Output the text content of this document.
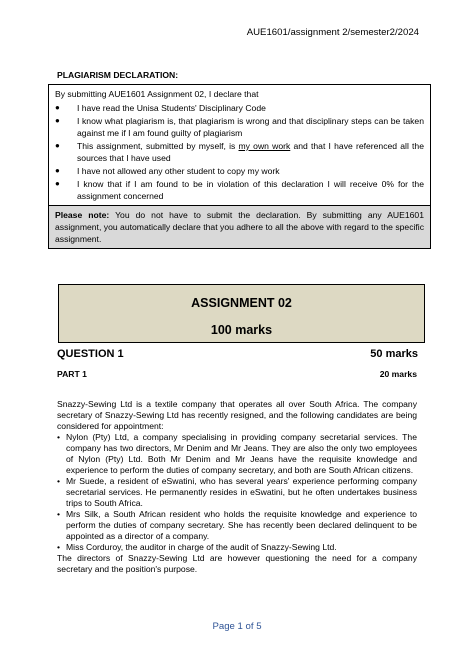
AUE1601/assignment 2/semester2/2024
PLAGIARISM DECLARATION:
By submitting AUE1601 Assignment 02, I declare that
●	I have read the Unisa Students' Disciplinary Code
●	I know what plagiarism is, that plagiarism is wrong and that disciplinary steps can be taken against me if I am found guilty of plagiarism
●	This assignment, submitted by myself, is my own work and that I have referenced all the sources that I have used
●	I have not allowed any other student to copy my work
●	I know that if I am found to be in violation of this declaration I will receive 0% for the assignment concerned
Please note: You do not have to submit the declaration. By submitting any AUE1601 assignment, you automatically declare that you adhere to all the above with regard to the specific assignment.
ASSIGNMENT 02
100 marks
QUESTION 1	50 marks
PART 1	20 marks

Snazzy-Sewing Ltd is a textile company that operates all over South Africa. The company secretary of Snazzy-Sewing Ltd has recently resigned, and the following candidates are being considered for appointment:

• Nylon (Pty) Ltd, a company specialising in providing company secretarial services. The company has two directors, Mr Denim and Mr Jeans. They are also the only two employees of Nylon (Pty) Ltd. Both Mr Denim and Mr Jeans have the requisite knowledge and experience to perform the duties of company secretary, and both are South African citizens.
• Mr Suede, a resident of eSwatini, who has several years' experience performing company secretarial services. He permanently resides in eSwatini, but he often undertakes business trips to South Africa.
• Mrs Silk, a South African resident who holds the requisite knowledge and experience to perform the duties of company secretary. She has recently been declared delinquent to be appointed as a director of a company.
• Miss Corduroy, the auditor in charge of the audit of Snazzy-Sewing Ltd.

The directors of Snazzy-Sewing Ltd are however questioning the need for a company secretary and the position's purpose.

Page 1 of 5
